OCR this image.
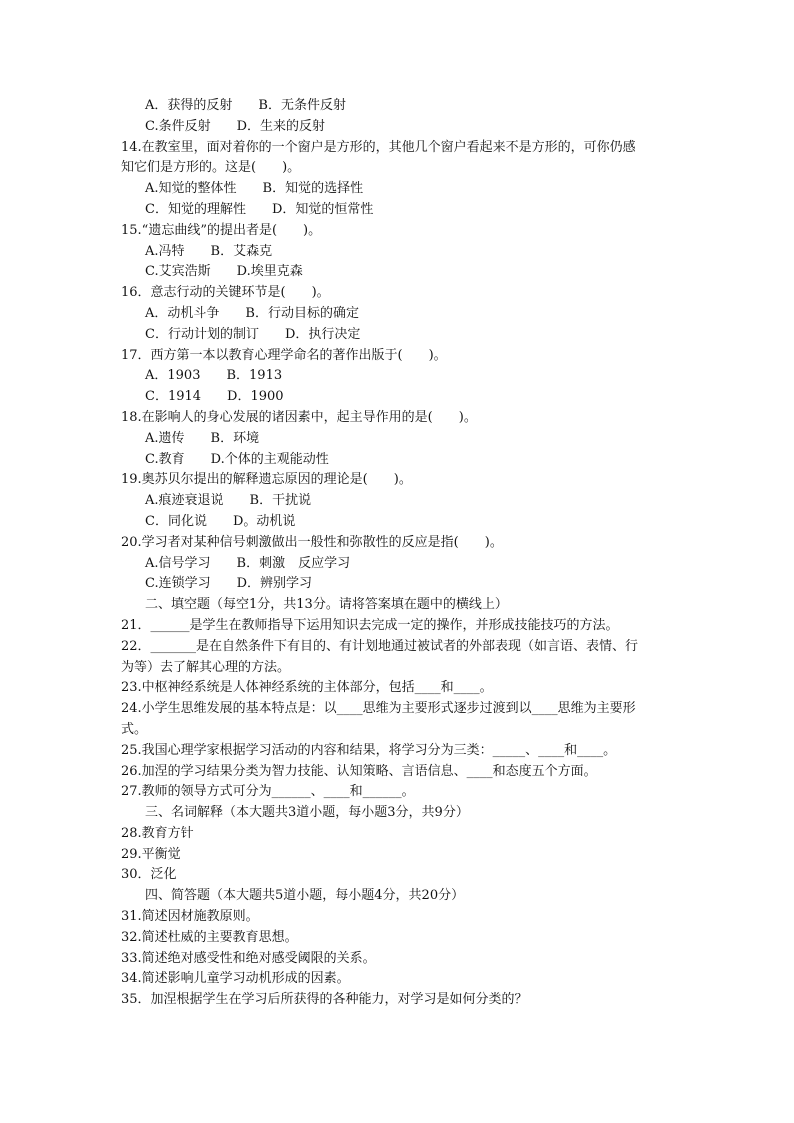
A．获得的反射　　B．无条件反射
C.条件反射　　D．生来的反射
14.在教室里，面对着你的一个窗户是方形的，其他几个窗户看起来不是方形的，可你仍感
知它们是方形的。这是(　　)。
A.知觉的整体性　　B．知觉的选择性
C．知觉的理解性　　D．知觉的恒常性
15.“遗忘曲线”的提出者是(　　)。
A.冯特　　B．艾森克
C.艾宾浩斯　　D.埃里克森
16．意志行动的关键环节是(　　)。
A．动机斗争　　B．行动目标的确定
C．行动计划的制订　　D．执行决定
17．西方第一本以教育心理学命名的著作出版于(　　)。
A．1903　　B．1913
C．1914　　D．1900
18.在影响人的身心发展的诸因素中，起主导作用的是(　　)。
A.遗传　　B．环境
C.教育　　D.个体的主观能动性
19.奥苏贝尔提出的解释遗忘原因的理论是(　　)。
A.痕迹衰退说　　B．干扰说
C．同化说　　D。动机说
20.学习者对某种信号刺激做出一般性和弥散性的反应是指(　　)。
A.信号学习　　B．刺激　反应学习
C.连锁学习　　D．辨别学习
二、填空题（每空1分，共13分。请将答案填在题中的横线上）
21．______是学生在教师指导下运用知识去完成一定的操作，并形成技能技巧的方法。
22．_______是在自然条件下有目的、有计划地通过被试者的外部表现（如言语、表情、行
为等）去了解其心理的方法。
23.中枢神经系统是人体神经系统的主体部分，包括____和____。
24.小学生思维发展的基本特点是：以____思维为主要形式逐步过渡到以____思维为主要形
式。
25.我国心理学家根据学习活动的内容和结果，将学习分为三类：_____、____和____。
26.加涅的学习结果分类为智力技能、认知策略、言语信息、____和态度五个方面。
27.教师的领导方式可分为______、____和______。
三、名词解释（本大题共3道小题，每小题3分，共9分）
28.教育方针
29.平衡觉
30．泛化
四、简答题（本大题共5道小题，每小题4分，共20分）
31.简述因材施教原则。
32.简述杜威的主要教育思想。
33.简述绝对感受性和绝对感受阈限的关系。
34.简述影响儿童学习动机形成的因素。
35．加涅根据学生在学习后所获得的各种能力，对学习是如何分类的？
